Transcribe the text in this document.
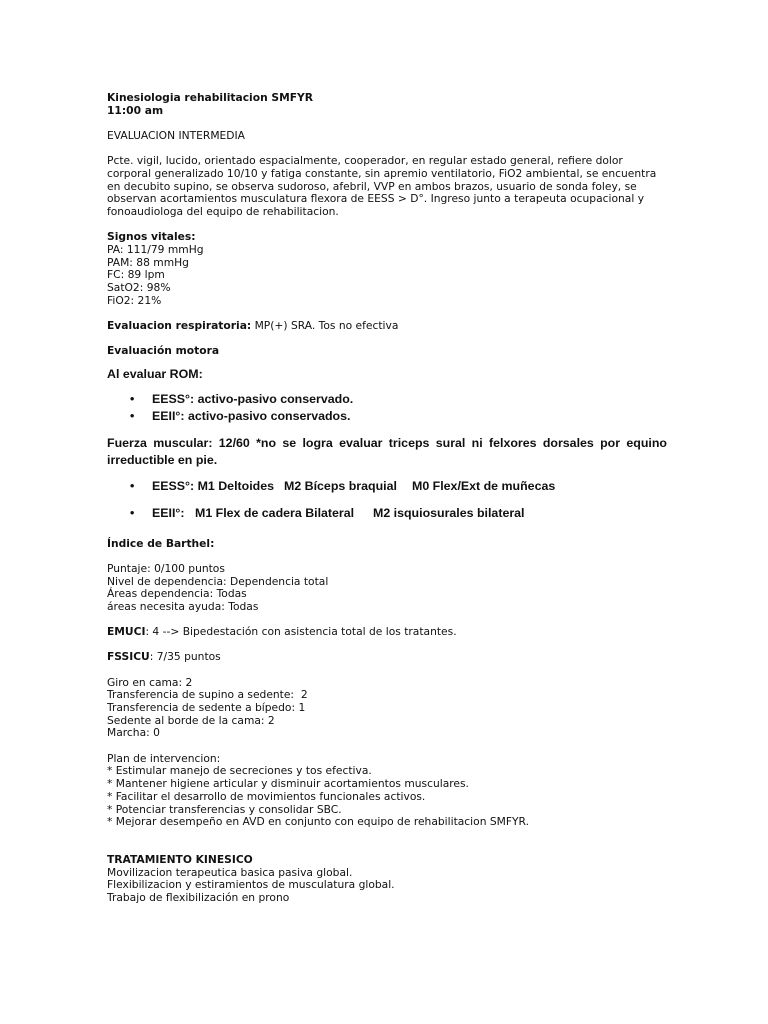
Kinesiologia rehabilitacion SMFYR
11:00 am
EVALUACION INTERMEDIA
Pcte. vigil, lucido, orientado espacialmente, cooperador, en regular estado general, refiere dolor corporal generalizado 10/10 y fatiga constante, sin apremio ventilatorio, FiO2 ambiental, se encuentra en decubito supino, se observa sudoroso, afebril, VVP en ambos brazos, usuario de sonda foley, se observan acortamientos musculatura flexora de EESS > D°. Ingreso junto a terapeuta ocupacional y fonoaudiologa del equipo de rehabilitacion.
Signos vitales:
PA: 111/79 mmHg
PAM: 88 mmHg
FC: 89 lpm
SatO2: 98%
FiO2: 21%
Evaluacion respiratoria: MP(+) SRA. Tos no efectiva
Evaluación motora
Al evaluar ROM:
•	EESS°: activo-pasivo conservado.
•	EEII°: activo-pasivo conservados.
Fuerza muscular: 12/60 *no se logra evaluar triceps sural ni felxores dorsales por equino irreductible en pie.
•	EESS°: M1 Deltoides M2 Bíceps braquial M0 Flex/Ext de muñecas
•	EEII°: M1 Flex de cadera Bilateral M2 isquiosurales bilateral
Índice de Barthel:
Puntaje: 0/100 puntos
Nivel de dependencia: Dependencia total
Áreas dependencia: Todas
áreas necesita ayuda: Todas
EMUCI: 4 --> Bipedestación con asistencia total de los tratantes.
FSSICU: 7/35 puntos
Giro en cama: 2
Transferencia de supino a sedente:  2
Transferencia de sedente a bípedo: 1
Sedente al borde de la cama: 2
Marcha: 0
Plan de intervencion:
* Estimular manejo de secreciones y tos efectiva.
* Mantener higiene articular y disminuir acortamientos musculares.
* Facilitar el desarrollo de movimientos funcionales activos.
* Potenciar transferencias y consolidar SBC.
* Mejorar desempeño en AVD en conjunto con equipo de rehabilitacion SMFYR.
TRATAMIENTO KINESICO
Movilizacion terapeutica basica pasiva global.
Flexibilizacion y estiramientos de musculatura global.
Trabajo de flexibilización en prono
